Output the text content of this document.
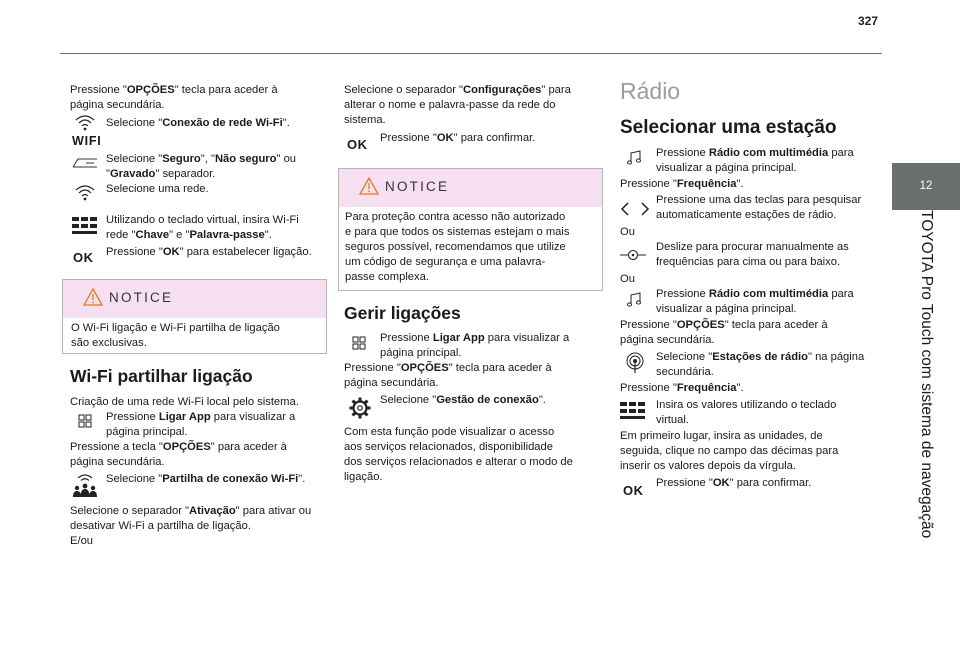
327
12
TOYOTA Pro Touch com sistema de navegação
Pressione "OPÇÕES" tecla para aceder à
página secundária.
Selecione "Conexão de rede Wi-Fi".
WIFI
Selecione "Seguro", "Não seguro" ou
"Gravado" separador.
Selecione uma rede.
Utilizando o teclado virtual, insira Wi-Fi
rede "Chave" e "Palavra-passe".
OK Pressione "OK" para estabelecer ligação.
NOTICE
O Wi-Fi ligação e Wi-Fi partilha de ligação
são exclusivas.
Wi-Fi partilhar ligação
Criação de uma rede Wi-Fi local pelo sistema.
Pressione Ligar App para visualizar a
página principal.
Pressione a tecla "OPÇÕES" para aceder à
página secundária.
Selecione "Partilha de conexão Wi-Fi".
Selecione o separador "Ativação" para ativar ou
desativar Wi-Fi a partilha de ligação.
E/ou
Selecione o separador "Configurações" para
alterar o nome e palavra-passe da rede do
sistema.
OK Pressione "OK" para confirmar.
NOTICE
Para proteção contra acesso não autorizado
e para que todos os sistemas estejam o mais
seguros possível, recomendamos que utilize
um código de segurança e uma palavra-
passe complexa.
Gerir ligações
Pressione Ligar App para visualizar a
página principal.
Pressione "OPÇÕES" tecla para aceder à
página secundária.
Selecione "Gestão de conexão".
Com esta função pode visualizar o acesso
aos serviços relacionados, disponibilidade
dos serviços relacionados e alterar o modo de
ligação.
Rádio
Selecionar uma estação
Pressione Rádio com multimédia para
visualizar a página principal.
Pressione "Frequência".
Pressione uma das teclas para pesquisar
automaticamente estações de rádio.
Ou
Deslize para procurar manualmente as
frequências para cima ou para baixo.
Ou
Pressione Rádio com multimédia para
visualizar a página principal.
Pressione "OPÇÕES" tecla para aceder à
página secundária.
Selecione "Estações de rádio" na página
secundária.
Pressione "Frequência".
Insira os valores utilizando o teclado
virtual.
Em primeiro lugar, insira as unidades, de
seguida, clique no campo das décimas para
inserir os valores depois da vírgula.
OK Pressione "OK" para confirmar.
